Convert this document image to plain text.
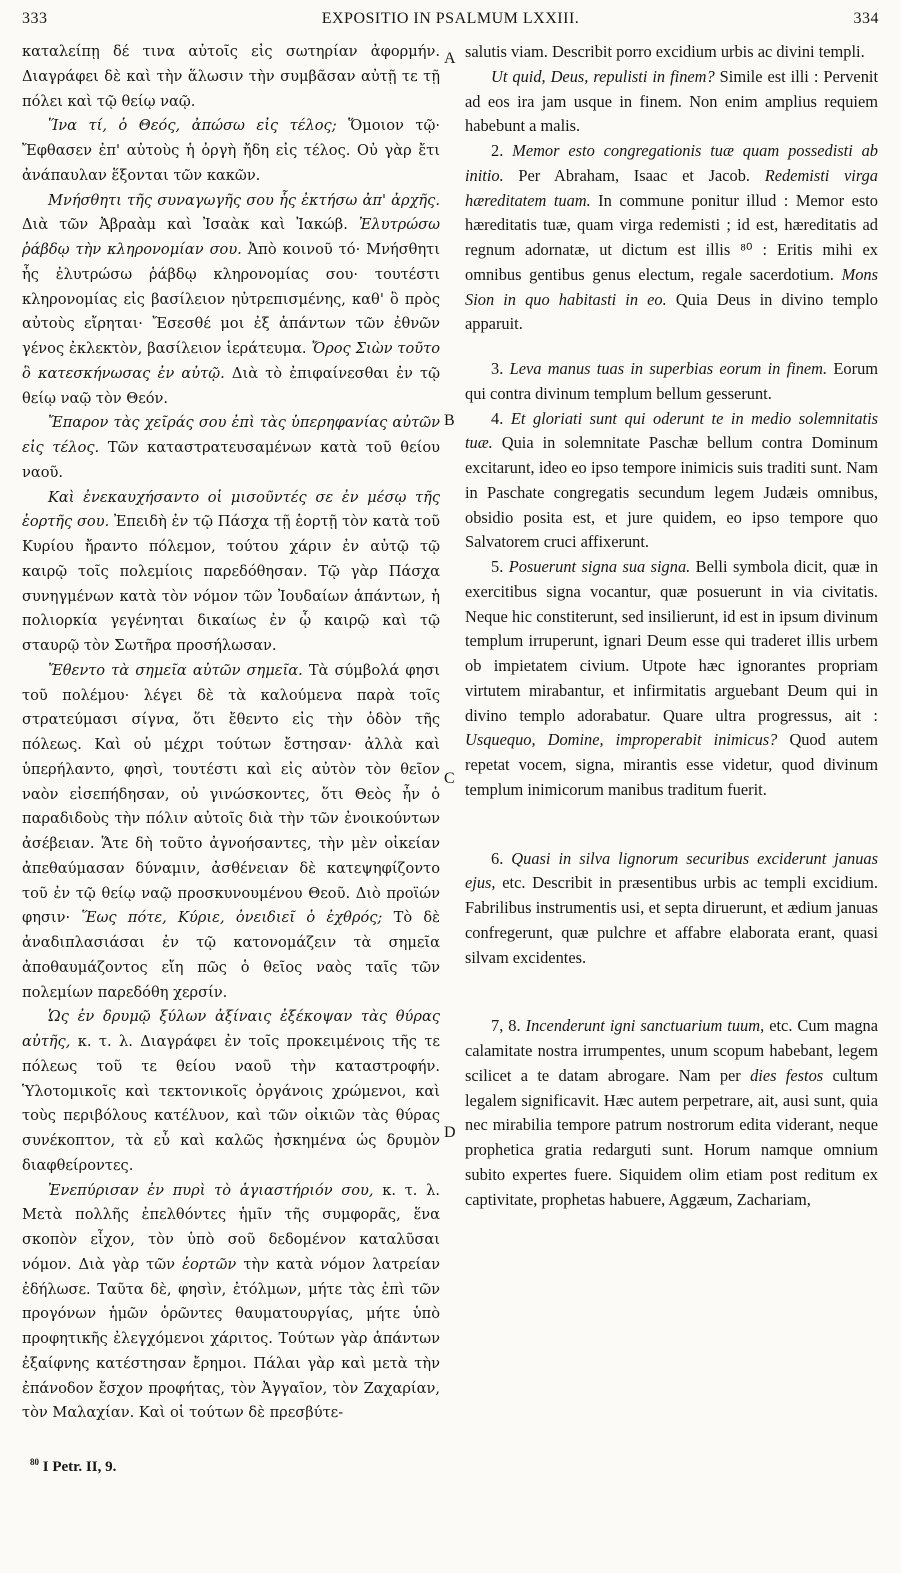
333	EXPOSITIO IN PSALMUM LXXIII.	334

καταλείπῃ δέ τινα αὐτοῖς εἰς σωτηρίαν ἀφορμήν. Διαγράφει δὲ καὶ τὴν ἅλωσιν τὴν συμβᾶσαν αὐτῇ τε τῇ πόλει καὶ τῷ θείῳ ναῷ.

Ἵνα τί, ὁ Θεός, ἀπώσω εἰς τέλος; Ὅμοιον τῷ· Ἔφθασεν ἐπ' αὐτοὺς ἡ ὀργὴ ἤδη εἰς τέλος. Οὐ γὰρ ἔτι ἀνάπαυλαν ἕξονται τῶν κακῶν.

Μνήσθητι τῆς συναγωγῆς σου ἧς ἐκτήσω ἀπ' ἀρχῆς. Διὰ τῶν Ἀβραὰμ καὶ Ἰσαὰκ καὶ Ἰακώβ. Ἐλυτρώσω ῥάβδῳ τὴν κληρονομίαν σου. Ἀπὸ κοινοῦ τό· Μνήσθητι ἧς ἐλυτρώσω ῥάβδῳ κληρονομίας σου· τουτέστι κληρονομίας εἰς βασίλειον ηὐτρεπισμένης, καθ' ὃ πρὸς αὐτοὺς εἴρηται· Ἔσεσθέ μοι ἐξ ἁπάντων τῶν ἐθνῶν γένος ἐκλεκτὸν, βασίλειον ἱεράτευμα. Ὄρος Σιὼν τοῦτο ὃ κατεσκήνωσας ἐν αὐτῷ. Διὰ τὸ ἐπιφαίνεσθαι ἐν τῷ θείῳ ναῷ τὸν Θεόν.

Ἔπαρον τὰς χεῖράς σου ἐπὶ τὰς ὑπερηφανίας αὐτῶν εἰς τέλος. Τῶν καταστρατευσαμένων κατὰ τοῦ θείου ναοῦ.

Καὶ ἐνεκαυχήσαντο οἱ μισοῦντές σε ἐν μέσῳ τῆς ἑορτῆς σου. Ἐπειδὴ ἐν τῷ Πάσχα τῇ ἑορτῇ τὸν κατὰ τοῦ Κυρίου ἤραντο πόλεμον, τούτου χάριν ἐν αὐτῷ τῷ καιρῷ τοῖς πολεμίοις παρεδόθησαν. Τῷ γὰρ Πάσχα συνηγμένων κατὰ τὸν νόμον τῶν Ἰουδαίων ἁπάντων, ἡ πολιορκία γεγένηται δικαίως ἐν ᾧ καιρῷ καὶ τῷ σταυρῷ τὸν Σωτῆρα προσήλωσαν.

Ἔθεντο τὰ σημεῖα αὐτῶν σημεῖα. Τὰ σύμβολά φησι τοῦ πολέμου· λέγει δὲ τὰ καλούμενα παρὰ τοῖς στρατεύμασι σίγνα, ὅτι ἔθεντο εἰς τὴν ὁδὸν τῆς πόλεως. Καὶ οὐ μέχρι τούτων ἔστησαν· ἀλλὰ καὶ ὑπερήλαντο, φησὶ, τουτέστι καὶ εἰς αὐτὸν τὸν θεῖον ναὸν εἰσεπήδησαν, οὐ γινώσκοντες, ὅτι Θεὸς ἦν ὁ παραδιδοὺς τὴν πόλιν αὐτοῖς διὰ τὴν τῶν ἐνοικούντων ἀσέβειαν. Ἅτε δὴ τοῦτο ἀγνοήσαντες, τὴν μὲν οἰκείαν ἀπεθαύμασαν δύναμιν, ἀσθένειαν δὲ κατεψηφίζοντο τοῦ ἐν τῷ θείῳ ναῷ προσκυνουμένου Θεοῦ. Διὸ προϊών φησιν· Ἕως πότε, Κύριε, ὀνειδιεῖ ὁ ἐχθρός; Τὸ δὲ ἀναδιπλασιάσαι ἐν τῷ κατονομάζειν τὰ σημεῖα ἀποθαυμάζοντος εἴη πῶς ὁ θεῖος ναὸς ταῖς τῶν πολεμίων παρεδόθη χερσίν.

Ὡς ἐν δρυμῷ ξύλων ἀξίναις ἐξέκοψαν τὰς θύρας αὐτῆς, κ. τ. λ. Διαγράφει ἐν τοῖς προκειμένοις τῆς τε πόλεως τοῦ τε θείου ναοῦ τὴν καταστροφήν. Ὑλοτομικοῖς καὶ τεκτονικοῖς ὀργάνοις χρώμενοι, καὶ τοὺς περιβόλους κατέλυον, καὶ τῶν οἰκιῶν τὰς θύρας συνέκοπτον, τὰ εὖ καὶ καλῶς ἠσκημένα ὡς δρυμὸν διαφθείροντες.

Ἐνεπύρισαν ἐν πυρὶ τὸ ἁγιαστήριόν σου, κ. τ. λ. Μετὰ πολλῆς ἐπελθόντες ἡμῖν τῆς συμφορᾶς, ἕνα σκοπὸν εἶχον, τὸν ὑπὸ σοῦ δεδομένον καταλῦσαι νόμον. Διὰ γὰρ τῶν ἑορτῶν τὴν κατὰ νόμον λατρείαν ἐδήλωσε. Ταῦτα δὲ, φησὶν, ἐτόλμων, μήτε τὰς ἐπὶ τῶν προγόνων ἡμῶν ὁρῶντες θαυματουργίας, μήτε ὑπὸ προφητικῆς ἐλεγχόμενοι χάριτος. Τούτων γὰρ ἁπάντων ἐξαίφνης κατέστησαν ἔρημοι. Πάλαι γὰρ καὶ μετὰ τὴν ἐπάνοδον ἔσχον προφήτας, τὸν Ἀγγαῖον, τὸν Ζαχαρίαν, τὸν Μαλαχίαν. Καὶ οἱ τούτων δὲ πρεσβύτε-

salutis viam. Describit porro excidium urbis ac divini templi.

Ut quid, Deus, repulisti in finem? Simile est illi : Pervenit ad eos ira jam usque in finem. Non enim amplius requiem habebunt a malis.

2. Memor esto congregationis tuæ quam possedisti ab initio. Per Abraham, Isaac et Jacob. Redemisti virga hæreditatem tuam. In commune ponitur illud : Memor esto hæreditatis tuæ, quam virga redemisti ; id est, hæreditatis ad regnum adornatæ, ut dictum est illis ⁸⁰ : Eritis mihi ex omnibus gentibus genus electum, regale sacerdotium. Mons Sion in quo habitasti in eo. Quia Deus in divino templo apparuit.

3. Leva manus tuas in superbias eorum in finem. Eorum qui contra divinum templum bellum gesserunt.

4. Et gloriati sunt qui oderunt te in medio solemnitatis tuæ. Quia in solemnitate Paschæ bellum contra Dominum excitarunt, ideo eo ipso tempore inimicis suis traditi sunt. Nam in Paschate congregatis secundum legem Judæis omnibus, obsidio posita est, et jure quidem, eo ipso tempore quo Salvatorem cruci affixerunt.

5. Posuerunt signa sua signa. Belli symbola dicit, quæ in exercitibus signa vocantur, quæ posuerunt in via civitatis. Neque hic constiterunt, sed insilierunt, id est in ipsum divinum templum irruperunt, ignari Deum esse qui traderet illis urbem ob impietatem civium. Utpote hæc ignorantes propriam virtutem mirabantur, et infirmitatis arguebant Deum qui in divino templo adorabatur. Quare ultra progressus, ait : Usquequo, Domine, improperabit inimicus? Quod autem repetat vocem, signa, mirantis esse videtur, quod divinum templum inimicorum manibus traditum fuerit.

6. Quasi in silva lignorum securibus exciderunt januas ejus, etc. Describit in præsentibus urbis ac templi excidium. Fabrilibus instrumentis usi, et septa diruerunt, et ædium januas confregerunt, quæ pulchre et affabre elaborata erant, quasi silvam excidentes.

7, 8. Incenderunt igni sanctuarium tuum, etc. Cum magna calamitate nostra irrumpentes, unum scopum habebant, legem scilicet a te datam abrogare. Nam per dies festos cultum legalem significavit. Hæc autem perpetrare, ait, ausi sunt, quia nec mirabilia tempore patrum nostrorum edita viderant, neque prophetica gratia redarguti sunt. Horum namque omnium subito expertes fuere. Siquidem olim etiam post reditum ex captivitate, prophetas habuere, Aggæum, Zachariam,

A
B
C
D
$^{80}$ I Petr. II, 9.
